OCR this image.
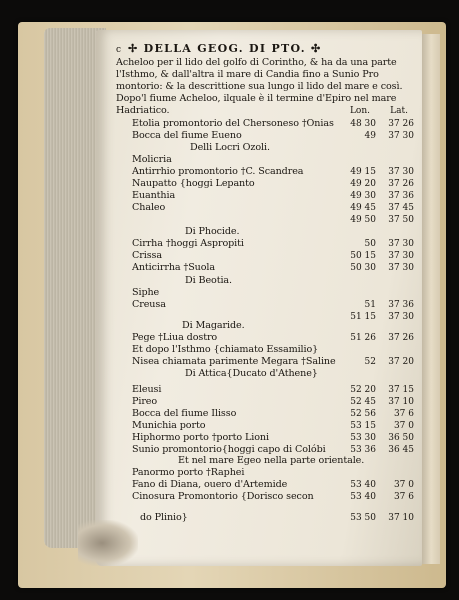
c ✢ DELLA GEOG. DI PTO. ✣
Acheloo per il lido del golfo di Corintho, & ha da una parte
l'Isthmo, & dall'altra il mare di Candia fino a Sunio Pro
montorio: & la descrittione sua lungo il lido del mare e così.
Dopo'l fiume Acheloo, ilquale è il termine d'Epiro nel mare
Hadriatico.	Lon.	Lat.
Etolia promontorio del Chersoneso †Onias	48 30	37 26
Bocca del fiume Eueno	49	37 30
Delli Locri Ozoli.
Molicria
Antirrhio promontorio †C. Scandrea	49 15	37 30
Naupatto {hoggi Lepanto	49 20	37 26
Euanthia	49 30	37 36
Chaleo	49 45	37 45
49 50	37 50
Di Phocide.
Cirrha †hoggi Aspropiti	50	37 30
Crissa	50 15	37 30
Anticirrha †Suola	50 30	37 30
Di Beotia.
Siphe
Creusa	51	37 36
51 15	37 30
Di Magaride.
Pege †Liua dostro	51 26	37 26
Et dopo l'Isthmo {chiamato Essamilio}
Nisea chiamata parimente Megara †Saline	52	37 20
Di Attica{Ducato d'Athene}
Eleusi	52 20	37 15
Pireo	52 45	37 10
Bocca del fiume Ilisso	52 56	37 6
Munichia porto	53 15	37 0
Hiphormo porto †porto Lioni	53 30	36 50
Sunio promontorio{hoggi capo di Colóbi	53 36	36 45
Et nel mare Egeo nella parte orientale.
Panormo porto †Raphei
Fano di Diana, ouero d'Artemide	53 40	37 0
Cinosura Promontorio {Dorisco secon	53 40	37 6
do Plinio}	53 50	37 10
